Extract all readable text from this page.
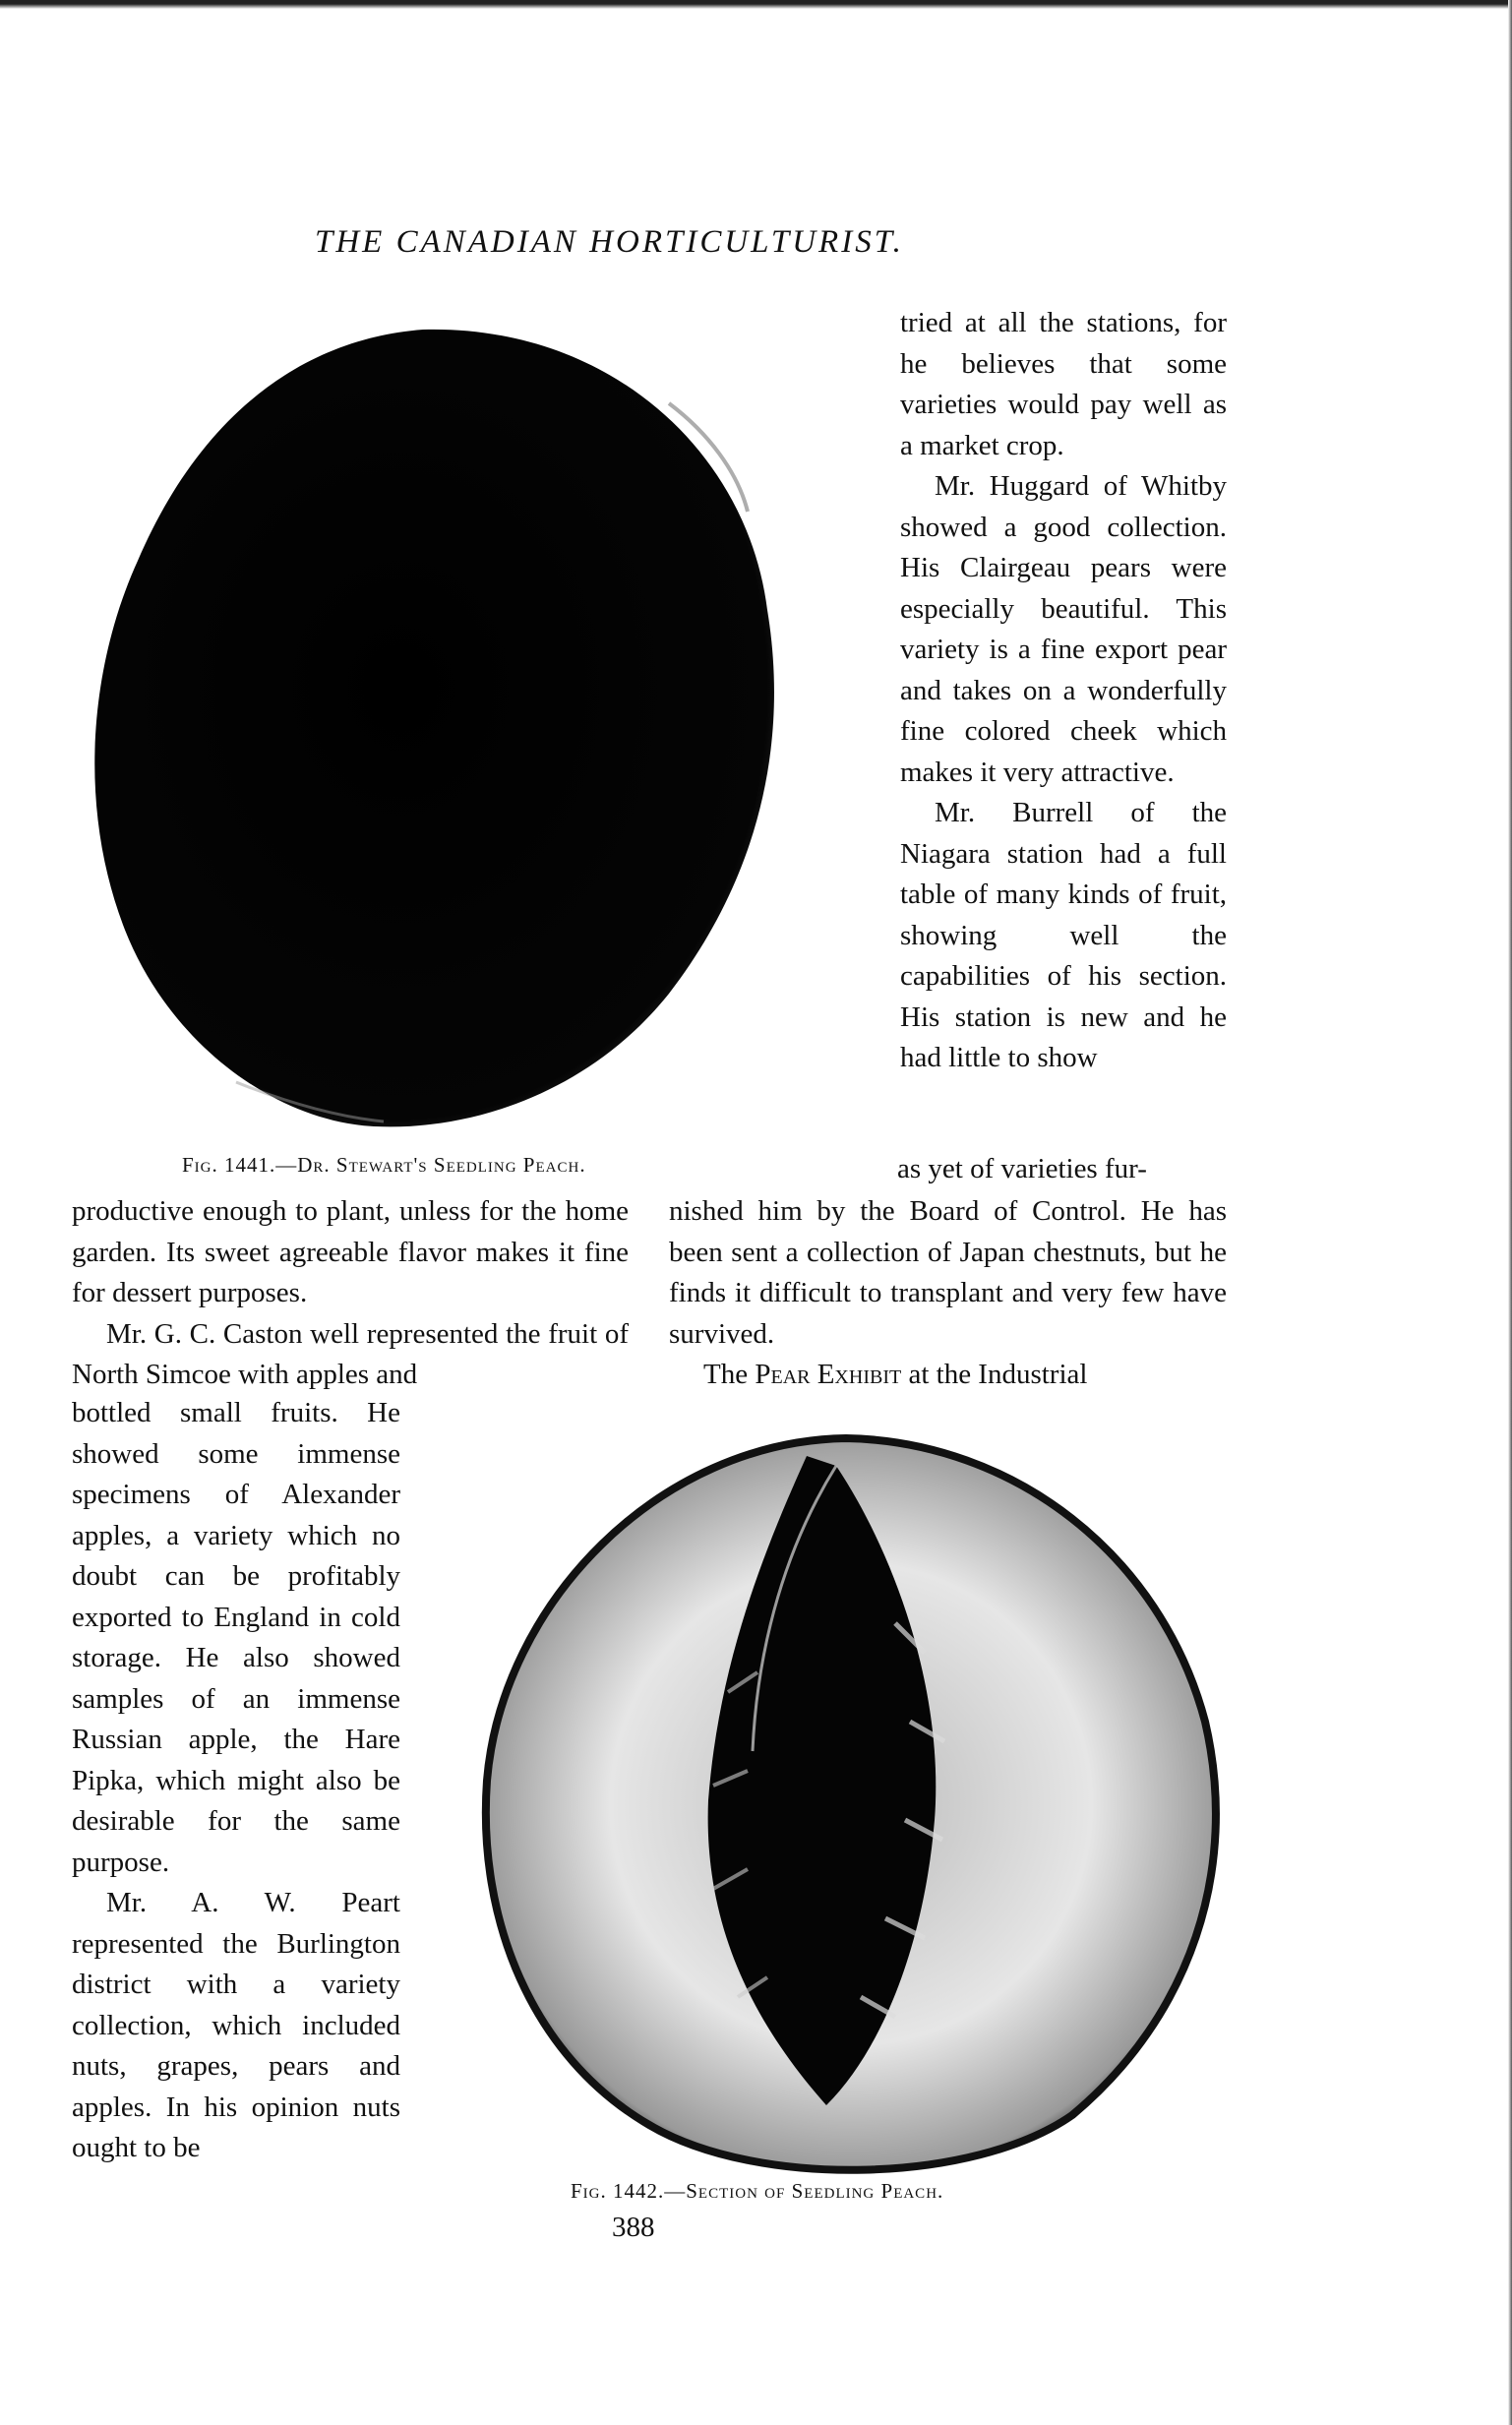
THE CANADIAN HORTICULTURIST.

tried at all the stations, for he believes that some varieties would pay well as a market crop.

Mr. Huggard of Whitby showed a good collection. His Clairgeau pears were especially beautiful. This variety is a fine export pear and takes on a wonderfully fine colored cheek which makes it very attractive.

Mr. Burrell of the Niagara station had a full table of many kinds of fruit, showing well the capabilities of his section. His station is new and he had little to show

Fig. 1441.—Dr. Stewart's Seedling Peach.	as yet of varieties fur-

productive enough to plant, unless for the home garden. Its sweet agreeable flavor makes it fine for dessert purposes.

Mr. G. C. Caston well represented the fruit of North Simcoe with apples and

nished him by the Board of Control. He has been sent a collection of Japan chestnuts, but he finds it difficult to transplant and very few have survived.

The Pear Exhibit at the Industrial

bottled small fruits. He showed some immense specimens of Alexander apples, a variety which no doubt can be profitably exported to England in cold storage. He also showed samples of an immense Russian apple, the Hare Pipka, which might also be desirable for the same purpose.

Mr. A. W. Peart represented the Burlington district with a variety collection, which included nuts, grapes, pears and apples. In his opinion nuts ought to be

Fig. 1442.—Section of Seedling Peach.
388
